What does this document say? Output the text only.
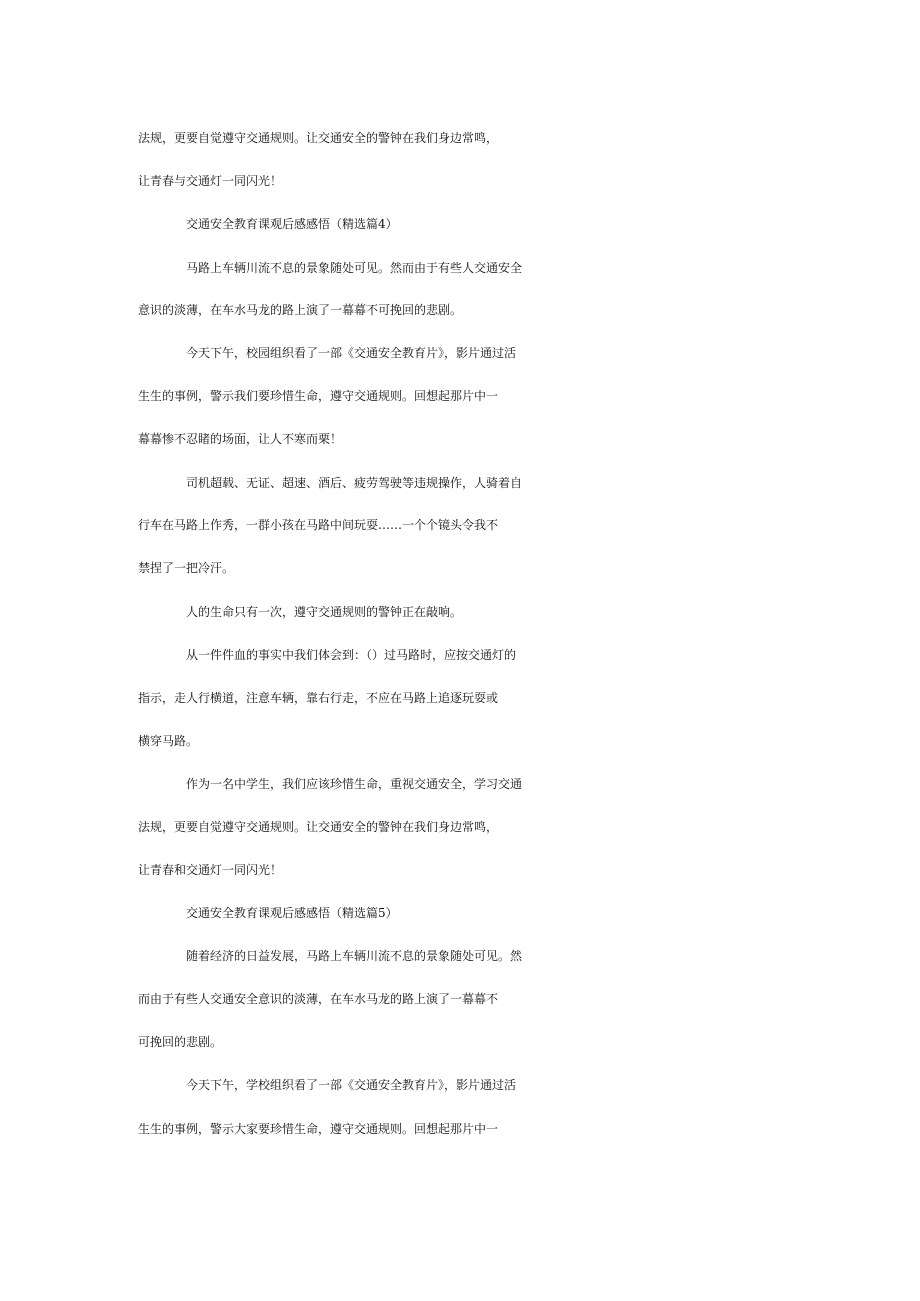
法规，更要自觉遵守交通规则。让交通安全的警钟在我们身边常鸣，
让青春与交通灯一同闪光！
交通安全教育课观后感感悟（精选篇4）
马路上车辆川流不息的景象随处可见。然而由于有些人交通安全
意识的淡薄，在车水马龙的路上演了一幕幕不可挽回的悲剧。
今天下午，校园组织看了一部《交通安全教育片》，影片通过活
生生的事例，警示我们要珍惜生命，遵守交通规则。回想起那片中一
幕幕惨不忍睹的场面，让人不寒而栗！
司机超载、无证、超速、酒后、疲劳驾驶等违规操作，人骑着自
行车在马路上作秀，一群小孩在马路中间玩耍……一个个镜头令我不
禁捏了一把冷汗。
人的生命只有一次，遵守交通规则的警钟正在敲响。
从一件件血的事实中我们体会到：（）过马路时，应按交通灯的
指示，走人行横道，注意车辆，靠右行走，不应在马路上追逐玩耍或
横穿马路。
作为一名中学生，我们应该珍惜生命，重视交通安全，学习交通
法规，更要自觉遵守交通规则。让交通安全的警钟在我们身边常鸣，
让青春和交通灯一同闪光！
交通安全教育课观后感感悟（精选篇5）
随着经济的日益发展，马路上车辆川流不息的景象随处可见。然
而由于有些人交通安全意识的淡薄，在车水马龙的路上演了一幕幕不
可挽回的悲剧。
今天下午，学校组织看了一部《交通安全教育片》，影片通过活
生生的事例，警示大家要珍惜生命，遵守交通规则。回想起那片中一
